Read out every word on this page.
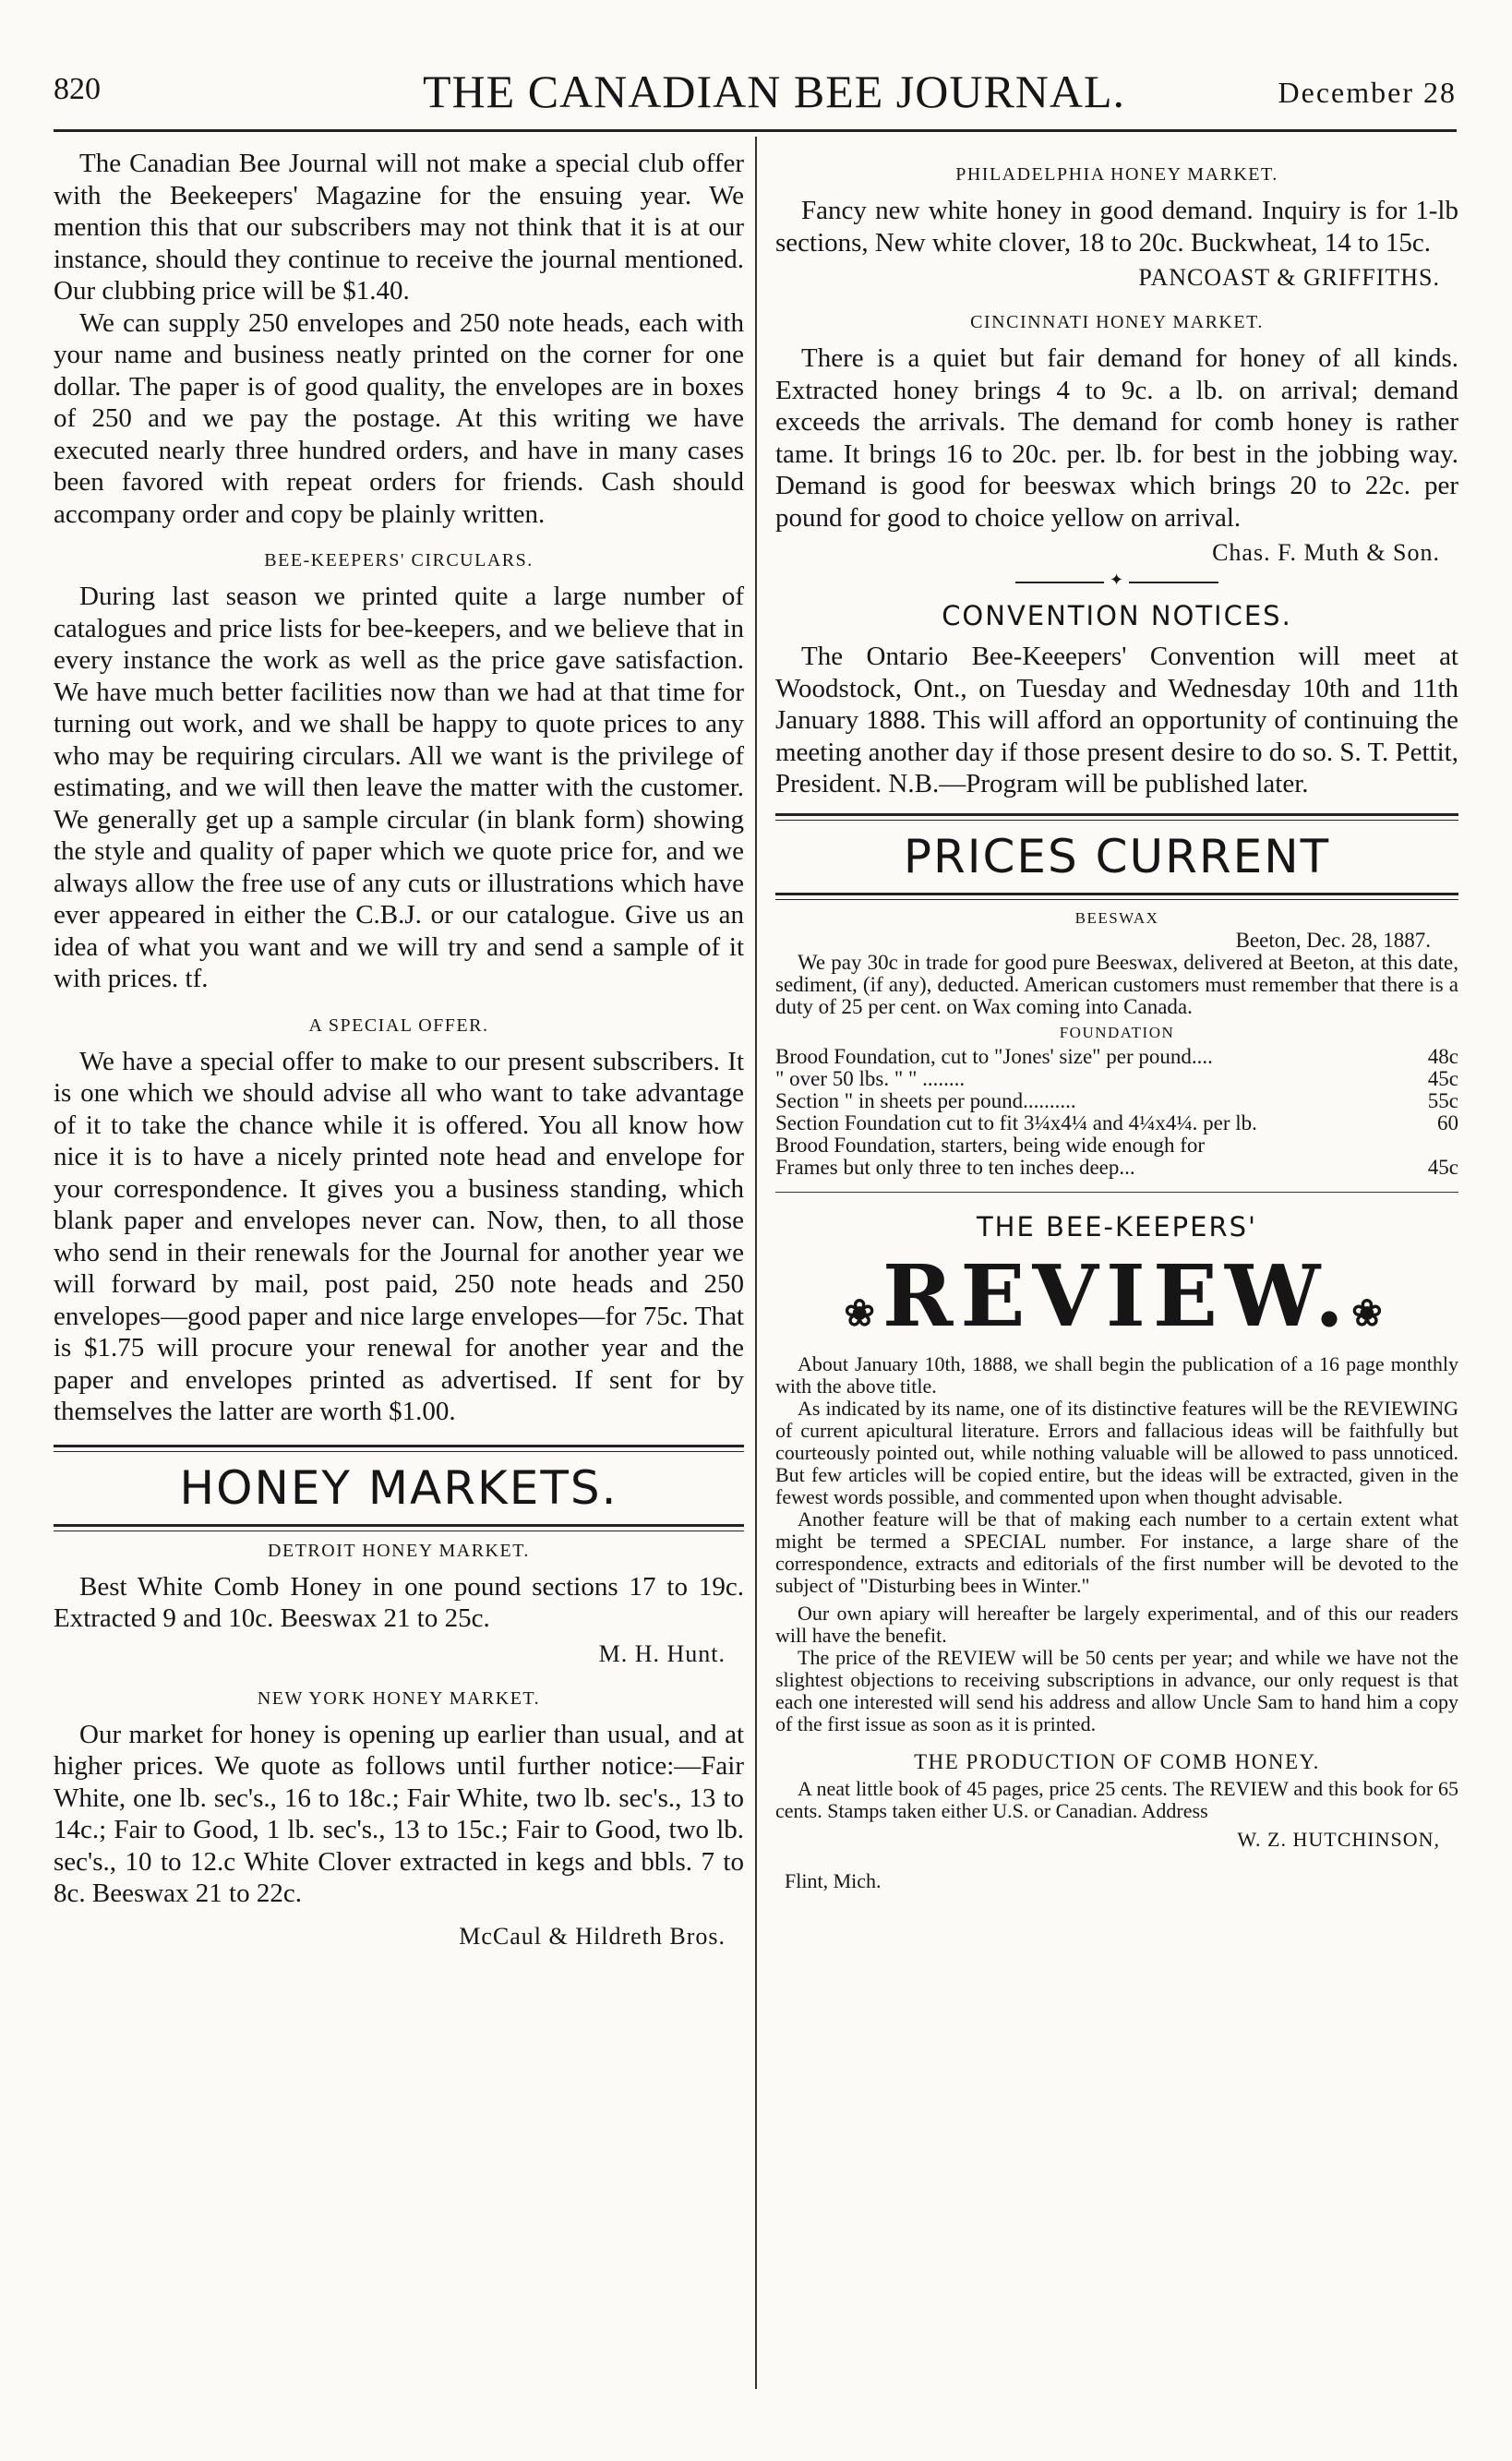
820	THE CANADIAN BEE JOURNAL.	December 28

The Canadian Bee Journal will not make a special club offer with the Beekeepers' Magazine for the ensuing year. We mention this that our subscribers may not think that it is at our instance, should they continue to receive the journal mentioned. Our clubbing price will be $1.40.

We can supply 250 envelopes and 250 note heads, each with your name and business neatly printed on the corner for one dollar. The paper is of good quality, the envelopes are in boxes of 250 and we pay the postage. At this writing we have executed nearly three hundred orders, and have in many cases been favored with repeat orders for friends. Cash should accompany order and copy be plainly written.

BEE-KEEPERS' CIRCULARS.

During last season we printed quite a large number of catalogues and price lists for bee-keepers, and we believe that in every instance the work as well as the price gave satisfaction. We have much better facilities now than we had at that time for turning out work, and we shall be happy to quote prices to any who may be requiring circulars. All we want is the privilege of estimating, and we will then leave the matter with the customer. We generally get up a sample circular (in blank form) showing the style and quality of paper which we quote price for, and we always allow the free use of any cuts or illustrations which have ever appeared in either the C.B.J. or our catalogue. Give us an idea of what you want and we will try and send a sample of it with prices. tf.

A SPECIAL OFFER.

We have a special offer to make to our present subscribers. It is one which we should advise all who want to take advantage of it to take the chance while it is offered. You all know how nice it is to have a nicely printed note head and envelope for your correspondence. It gives you a business standing, which blank paper and envelopes never can. Now, then, to all those who send in their renewals for the Journal for another year we will forward by mail, post paid, 250 note heads and 250 envelopes—good paper and nice large envelopes—for 75c. That is $1.75 will procure your renewal for another year and the paper and envelopes printed as advertised. If sent for by themselves the latter are worth $1.00.

HONEY MARKETS.
DETROIT HONEY MARKET.

Best White Comb Honey in one pound sections 17 to 19c. Extracted 9 and 10c. Beeswax 21 to 25c.

M. H. Hunt.
NEW YORK HONEY MARKET.

Our market for honey is opening up earlier than usual, and at higher prices. We quote as follows until further notice:—Fair White, one lb. sec's., 16 to 18c.; Fair White, two lb. sec's., 13 to 14c.; Fair to Good, 1 lb. sec's., 13 to 15c.; Fair to Good, two lb. sec's., 10 to 12.c White Clover extracted in kegs and bbls. 7 to 8c. Beeswax 21 to 22c.

McCaul & Hildreth Bros.
PHILADELPHIA HONEY MARKET.

Fancy new white honey in good demand. Inquiry is for 1-lb sections, New white clover, 18 to 20c. Buckwheat, 14 to 15c.

PANCOAST & GRIFFITHS.
CINCINNATI HONEY MARKET.

There is a quiet but fair demand for honey of all kinds. Extracted honey brings 4 to 9c. a lb. on arrival; demand exceeds the arrivals. The demand for comb honey is rather tame. It brings 16 to 20c. per. lb. for best in the jobbing way. Demand is good for beeswax which brings 20 to 22c. per pound for good to choice yellow on arrival.

Chas. F. Muth & Son.
✦
CONVENTION NOTICES.

The Ontario Bee-Keeepers' Convention will meet at Woodstock, Ont., on Tuesday and Wednesday 10th and 11th January 1888. This will afford an opportunity of continuing the meeting another day if those present desire to do so. S. T. Pettit, President. N.B.—Program will be published later.

PRICES CURRENT
BEESWAX
Beeton, Dec. 28, 1887.

We pay 30c in trade for good pure Beeswax, delivered at Beeton, at this date, sediment, (if any), deducted. American customers must remember that there is a duty of 25 per cent. on Wax coming into Canada.

FOUNDATION
Brood Foundation, cut to "Jones' size" per pound....	48c
" over 50 lbs. " " ........	45c
Section " in sheets per pound..........	55c
Section Foundation cut to fit 3¼x4¼ and 4¼x4¼. per lb.	60
Brood Foundation, starters, being wide enough for
Frames but only three to ten inches deep...	45c
THE BEE-KEEPERS'
❀REVIEW.❀

About January 10th, 1888, we shall begin the publication of a 16 page monthly with the above title.

As indicated by its name, one of its distinctive features will be the REVIEWING of current apicultural literature. Errors and fallacious ideas will be faithfully but courteously pointed out, while nothing valuable will be allowed to pass unnoticed. But few articles will be copied entire, but the ideas will be extracted, given in the fewest words possible, and commented upon when thought advisable.

Another feature will be that of making each number to a certain extent what might be termed a SPECIAL number. For instance, a large share of the correspondence, extracts and editorials of the first number will be devoted to the subject of "Disturbing bees in Winter."

Our own apiary will hereafter be largely experimental, and of this our readers will have the benefit.

The price of the REVIEW will be 50 cents per year; and while we have not the slightest objections to receiving subscriptions in advance, our only request is that each one interested will send his address and allow Uncle Sam to hand him a copy of the first issue as soon as it is printed.

THE PRODUCTION OF COMB HONEY.

A neat little book of 45 pages, price 25 cents. The REVIEW and this book for 65 cents. Stamps taken either U.S. or Canadian. Address

W. Z. HUTCHINSON,
Flint, Mich.
